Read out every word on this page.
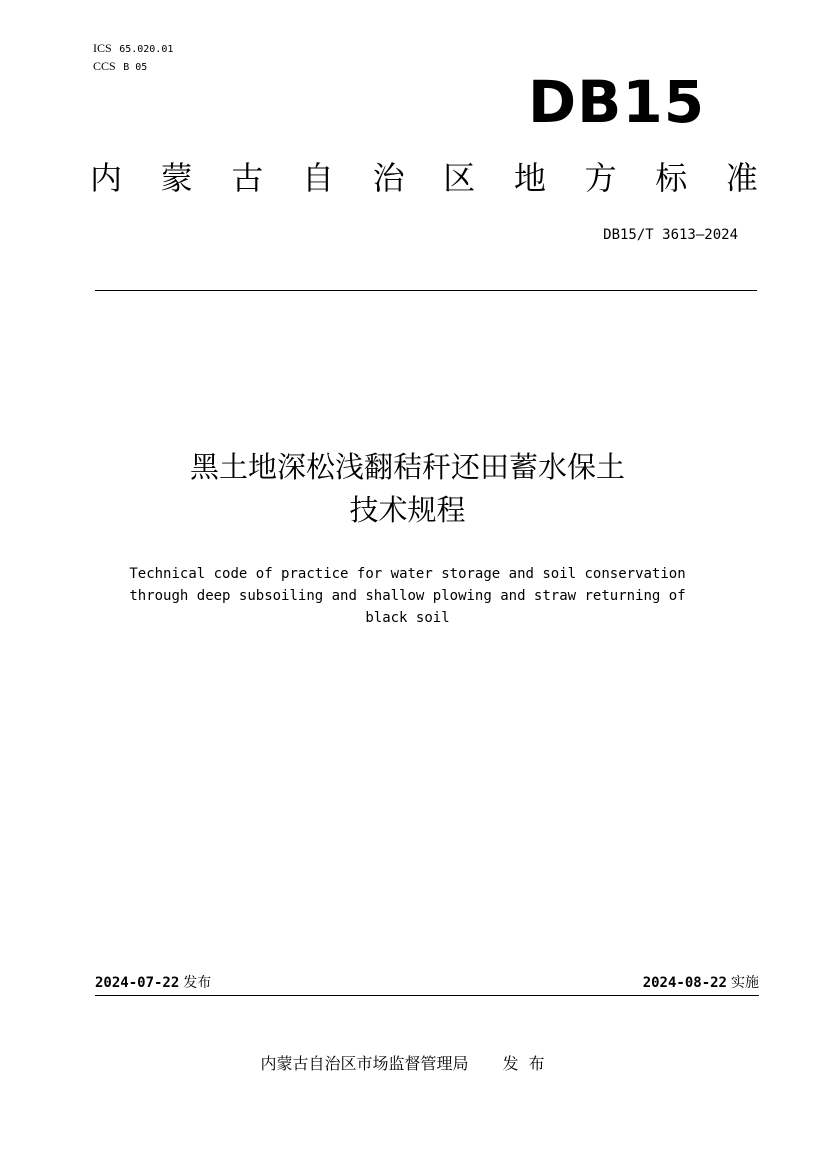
ICS 65.020.01
CCS B 05
DB15
内 蒙 古 自 治 区 地 方 标 准
DB15/T 3613—2024
黑土地深松浅翻秸秆还田蓄水保土
技术规程
Technical code of practice for water storage and soil conservation
through deep subsoiling and shallow plowing and straw returning of
black soil
2024-07-22 发布	2024-08-22 实施
内蒙古自治区市场监督管理局 发布
